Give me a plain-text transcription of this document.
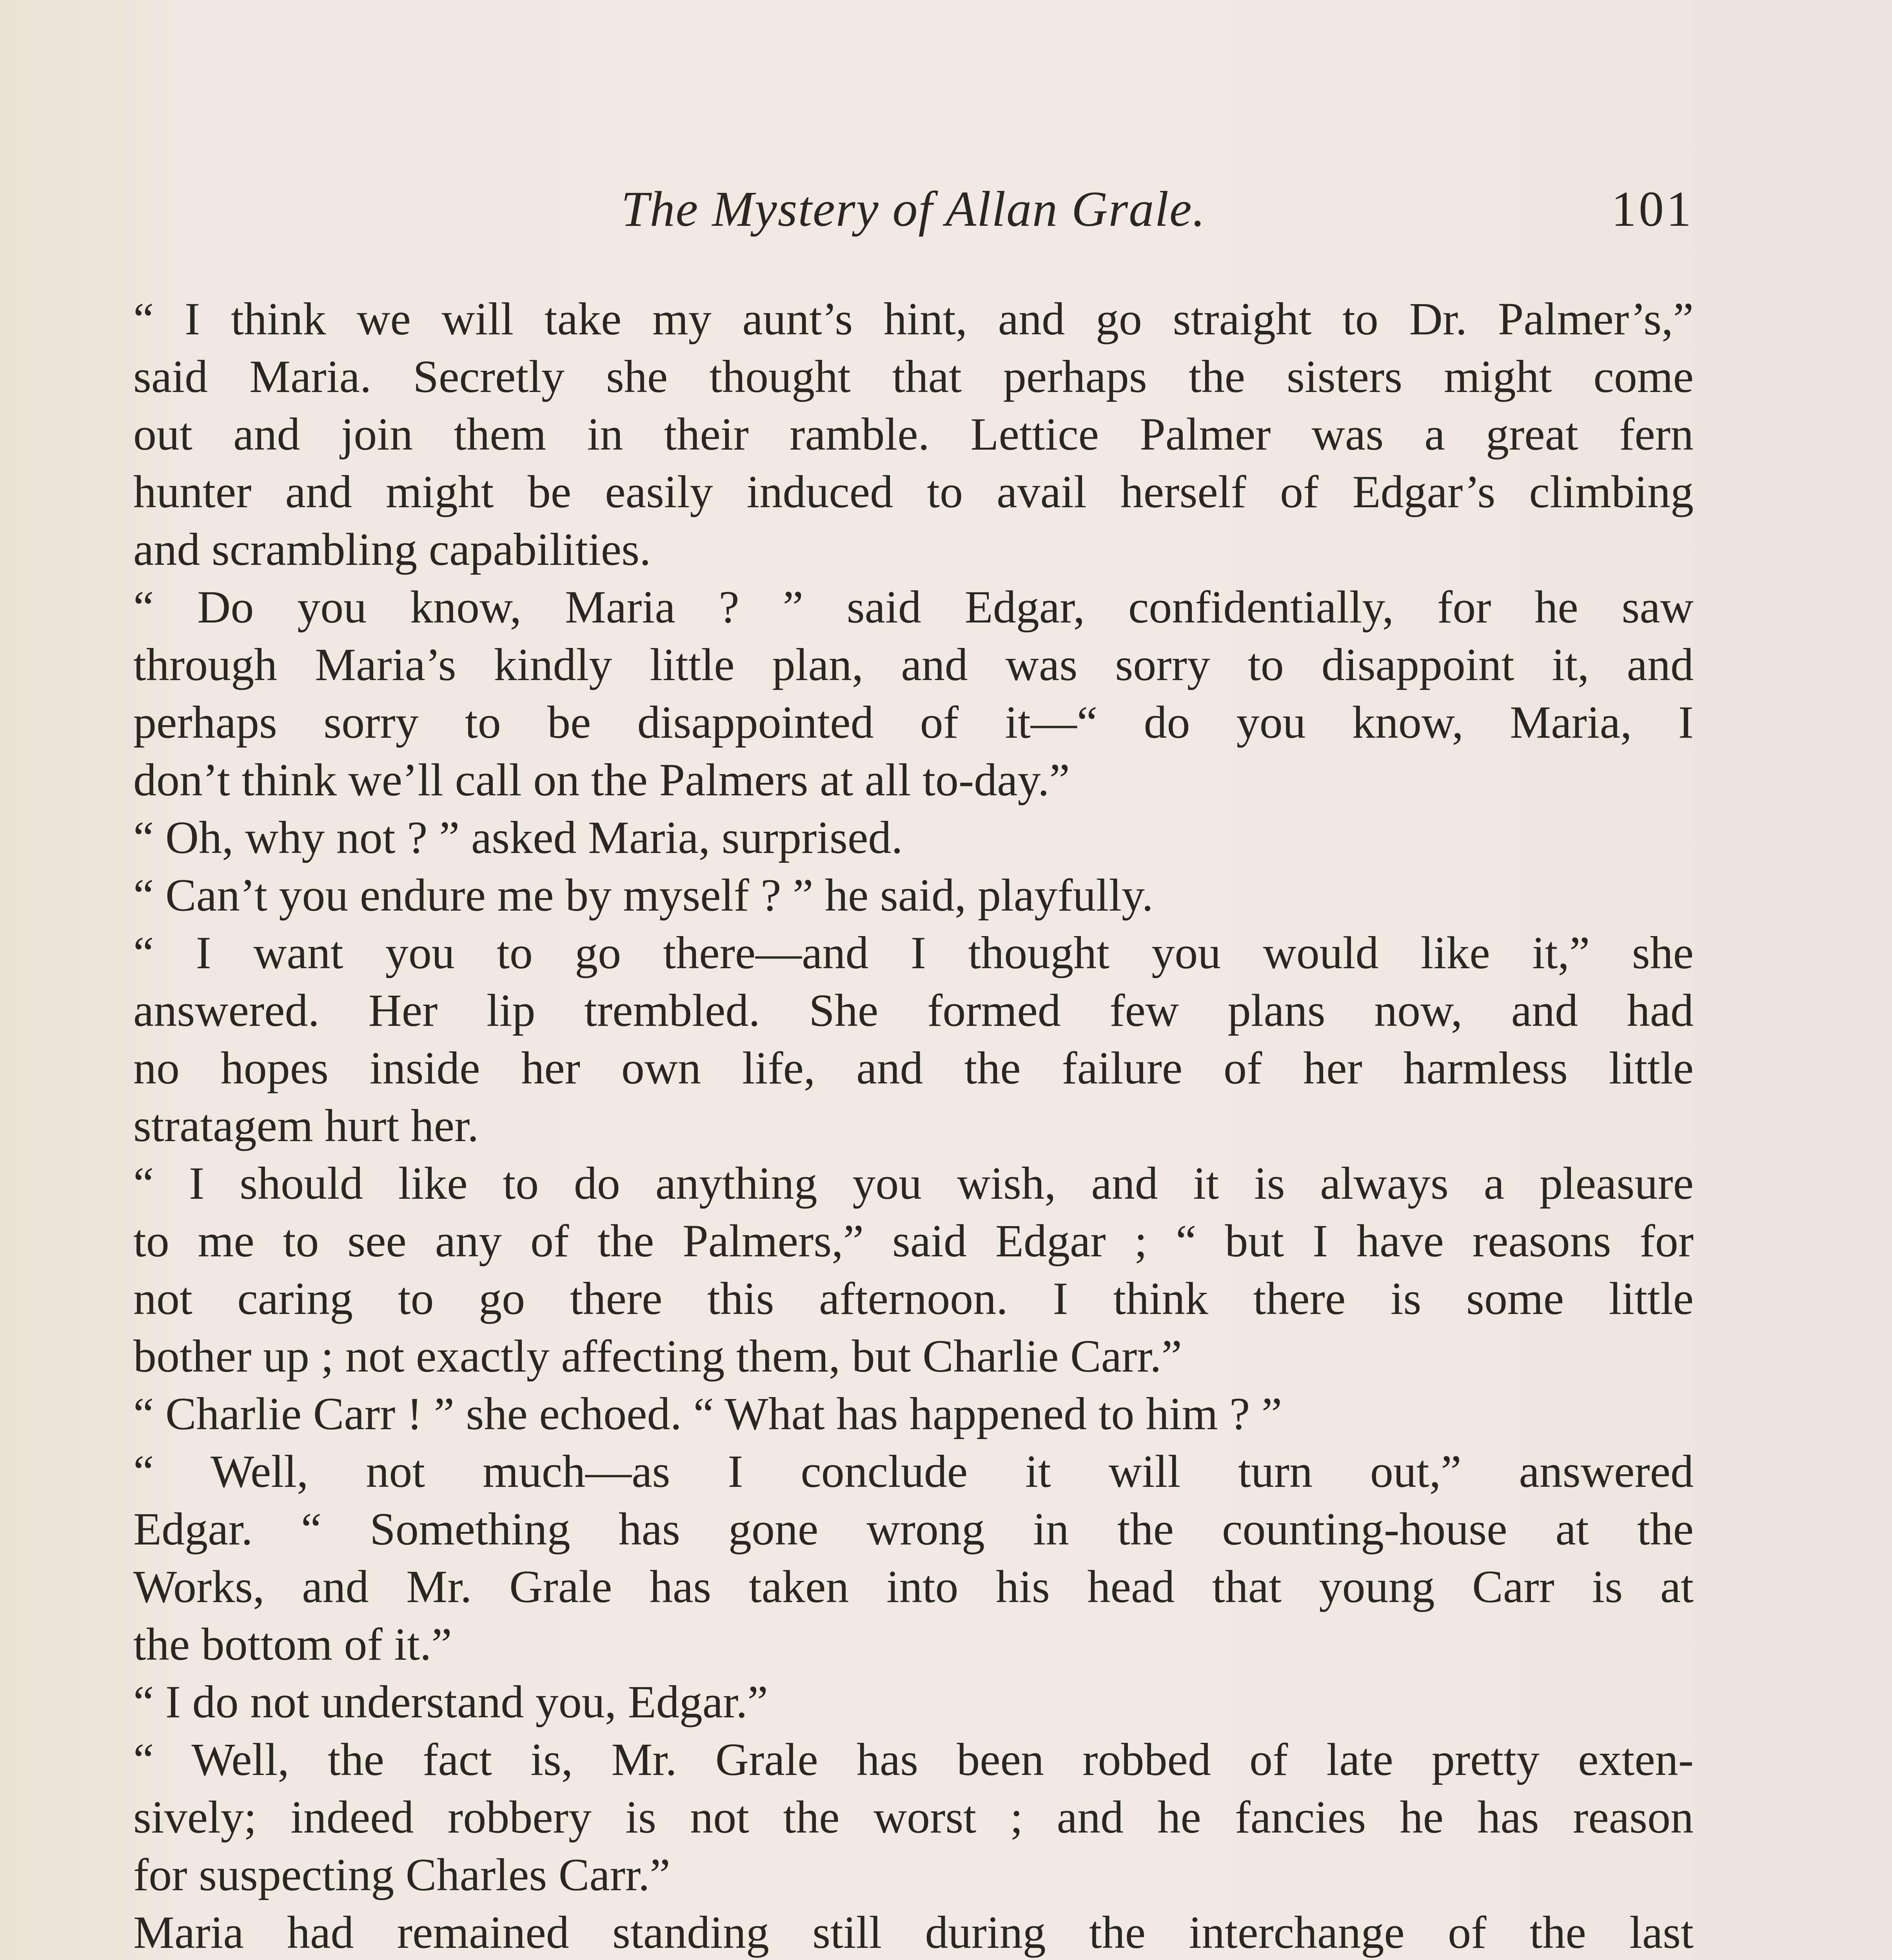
The Mystery of Allan Grale.	101
“ I think we will take my aunt’s hint, and go straight to Dr. Palmer’s,”
said Maria. Secretly she thought that perhaps the sisters might come
out and join them in their ramble. Lettice Palmer was a great fern
hunter and might be easily induced to avail herself of Edgar’s climbing
and scrambling capabilities.
“ Do you know, Maria ? ” said Edgar, confidentially, for he saw
through Maria’s kindly little plan, and was sorry to disappoint it, and
perhaps sorry to be disappointed of it—“ do you know, Maria, I
don’t think we’ll call on the Palmers at all to-day.”
“ Oh, why not ? ” asked Maria, surprised.
“ Can’t you endure me by myself ? ” he said, playfully.
“ I want you to go there—and I thought you would like it,” she
answered. Her lip trembled. She formed few plans now, and had
no hopes inside her own life, and the failure of her harmless little
stratagem hurt her.
“ I should like to do anything you wish, and it is always a pleasure
to me to see any of the Palmers,” said Edgar ; “ but I have reasons for
not caring to go there this afternoon. I think there is some little
bother up ; not exactly affecting them, but Charlie Carr.”
“ Charlie Carr ! ” she echoed. “ What has happened to him ? ”
“ Well, not much—as I conclude it will turn out,” answered
Edgar. “ Something has gone wrong in the counting-house at the
Works, and Mr. Grale has taken into his head that young Carr is at
the bottom of it.”
“ I do not understand you, Edgar.”
“ Well, the fact is, Mr. Grale has been robbed of late pretty exten-
sively; indeed robbery is not the worst ; and he fancies he has reason
for suspecting Charles Carr.”
Maria had remained standing still during the interchange of the last
